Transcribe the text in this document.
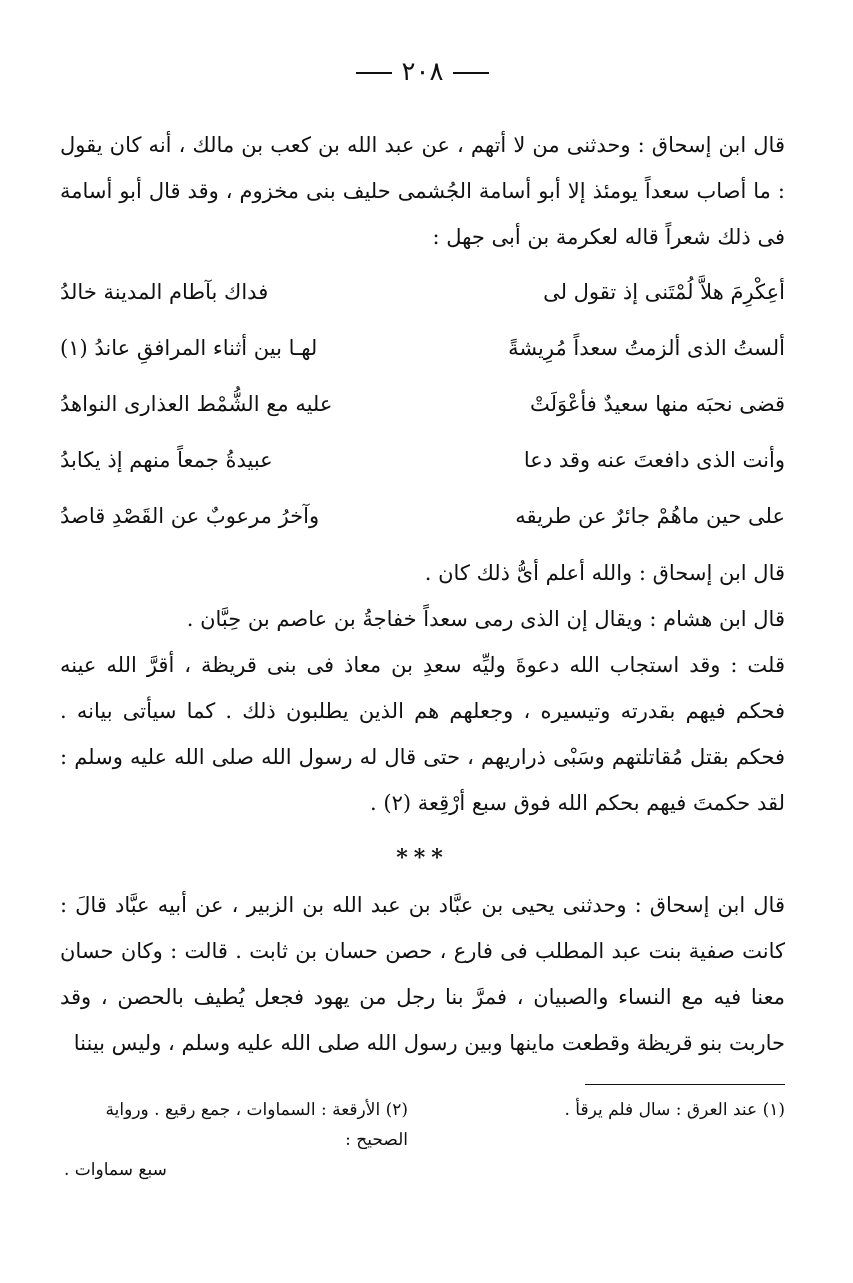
٢٠٨

قال ابن إسحاق : وحدثنى من لا أتهم ، عن عبد الله بن كعب بن مالك ، أنه كان يقول : ما أصاب سعداً يومئذ إلا أبو أسامة الجُشمى حليف بنى مخزوم ، وقد قال أبو أسامة فى ذلك شعراً قاله لعكرمة بن أبى جهل :

أعِكْرِمَ هلاَّ لُمْتَنى إذ تقول لى
فداك بآطام المدينة خالدُ
ألستُ الذى ألزمتُ سعداً مُرِيشةً
لهـا بين أثناء المرافقِ عاندُ (١)
قضى نحبَه منها سعيدٌ فأعْوَلَتْ
عليه مع الشُّمْط العذارى النواهدُ
وأنت الذى دافعتَ عنه وقد دعا
عبيدةُ جمعاً منهم إذ يكابدُ
على حين ماهُمْ جائرٌ عن طريقه
وآخرُ مرعوبٌ عن القَصْدِ قاصدُ

قال ابن إسحاق : والله أعلم أىُّ ذلك كان .

قال ابن هشام : ويقال إن الذى رمى سعداً خفاجةُ بن عاصم بن حِبَّان .

قلت : وقد استجاب الله دعوةَ وليِّه سعدِ بن معاذ فى بنى قريظة ، أقرَّ الله عينه فحكم فيهم بقدرته وتيسيره ، وجعلهم هم الذين يطلبون ذلك . كما سيأتى بيانه . فحكم بقتل مُقاتلتهم وسَبْى ذراريهم ، حتى قال له رسول الله صلى الله عليه وسلم : لقد حكمتَ فيهم بحكم الله فوق سبع أرْقِعة (٢) .

***

قال ابن إسحاق : وحدثنى يحيى بن عبَّاد بن عبد الله بن الزبير ، عن أبيه عبَّاد قالَ : كانت صفية بنت عبد المطلب فى فارع ، حصن حسان بن ثابت . قالت : وكان حسان معنا فيه مع النساء والصبيان ، فمرَّ بنا رجل من يهود فجعل يُطيف بالحصن ، وقد حاربت بنو قريظة وقطعت ماينها وبين رسول الله صلى الله عليه وسلم ، وليس بيننا

(١) عند العرق : سال فلم يرقأ .
(٢) الأرقعة : السماوات ، جمع رقيع . ورواية الصحيح :
سبع سماوات .
